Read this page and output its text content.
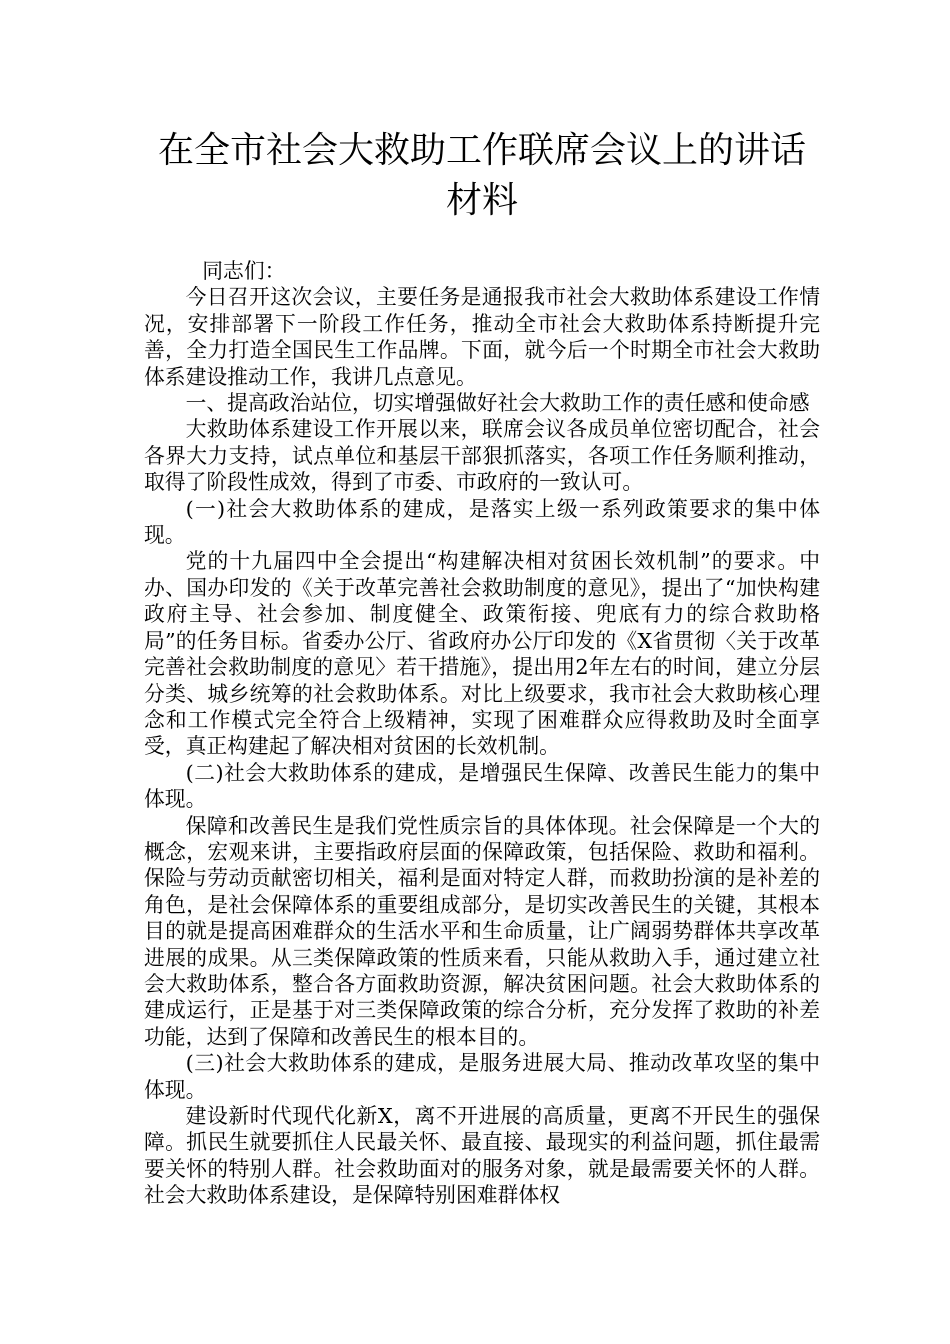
在全市社会大救助工作联席会议上的讲话
材料

同志们：

今日召开这次会议，主要任务是通报我市社会大救助体系建设工作情况，安排部署下一阶段工作任务，推动全市社会大救助体系持断提升完善，全力打造全国民生工作品牌。下面，就今后一个时期全市社会大救助体系建设推动工作，我讲几点意见。

一、提高政治站位，切实增强做好社会大救助工作的责任感和使命感

大救助体系建设工作开展以来，联席会议各成员单位密切配合，社会各界大力支持，试点单位和基层干部狠抓落实，各项工作任务顺利推动，取得了阶段性成效，得到了市委、市政府的一致认可。

(一)社会大救助体系的建成，是落实上级一系列政策要求的集中体现。

党的十九届四中全会提出“构建解决相对贫困长效机制”的要求。中办、国办印发的《关于改革完善社会救助制度的意见》，提出了“加快构建政府主导、社会参加、制度健全、政策衔接、兜底有力的综合救助格局”的任务目标。省委办公厅、省政府办公厅印发的《X省贯彻〈关于改革完善社会救助制度的意见〉若干措施》，提出用2年左右的时间，建立分层分类、城乡统筹的社会救助体系。对比上级要求，我市社会大救助核心理念和工作模式完全符合上级精神，实现了困难群众应得救助及时全面享受，真正构建起了解决相对贫困的长效机制。

(二)社会大救助体系的建成，是增强民生保障、改善民生能力的集中体现。

保障和改善民生是我们党性质宗旨的具体体现。社会保障是一个大的概念，宏观来讲，主要指政府层面的保障政策，包括保险、救助和福利。保险与劳动贡献密切相关，福利是面对特定人群，而救助扮演的是补差的角色，是社会保障体系的重要组成部分，是切实改善民生的关键，其根本目的就是提高困难群众的生活水平和生命质量，让广阔弱势群体共享改革进展的成果。从三类保障政策的性质来看，只能从救助入手，通过建立社会大救助体系，整合各方面救助资源，解决贫困问题。社会大救助体系的建成运行，正是基于对三类保障政策的综合分析，充分发挥了救助的补差功能，达到了保障和改善民生的根本目的。

(三)社会大救助体系的建成，是服务进展大局、推动改革攻坚的集中体现。

建设新时代现代化新X，离不开进展的高质量，更离不开民生的强保障。抓民生就要抓住人民最关怀、最直接、最现实的利益问题，抓住最需要关怀的特别人群。社会救助面对的服务对象，就是最需要关怀的人群。社会大救助体系建设，是保障特别困难群体权
